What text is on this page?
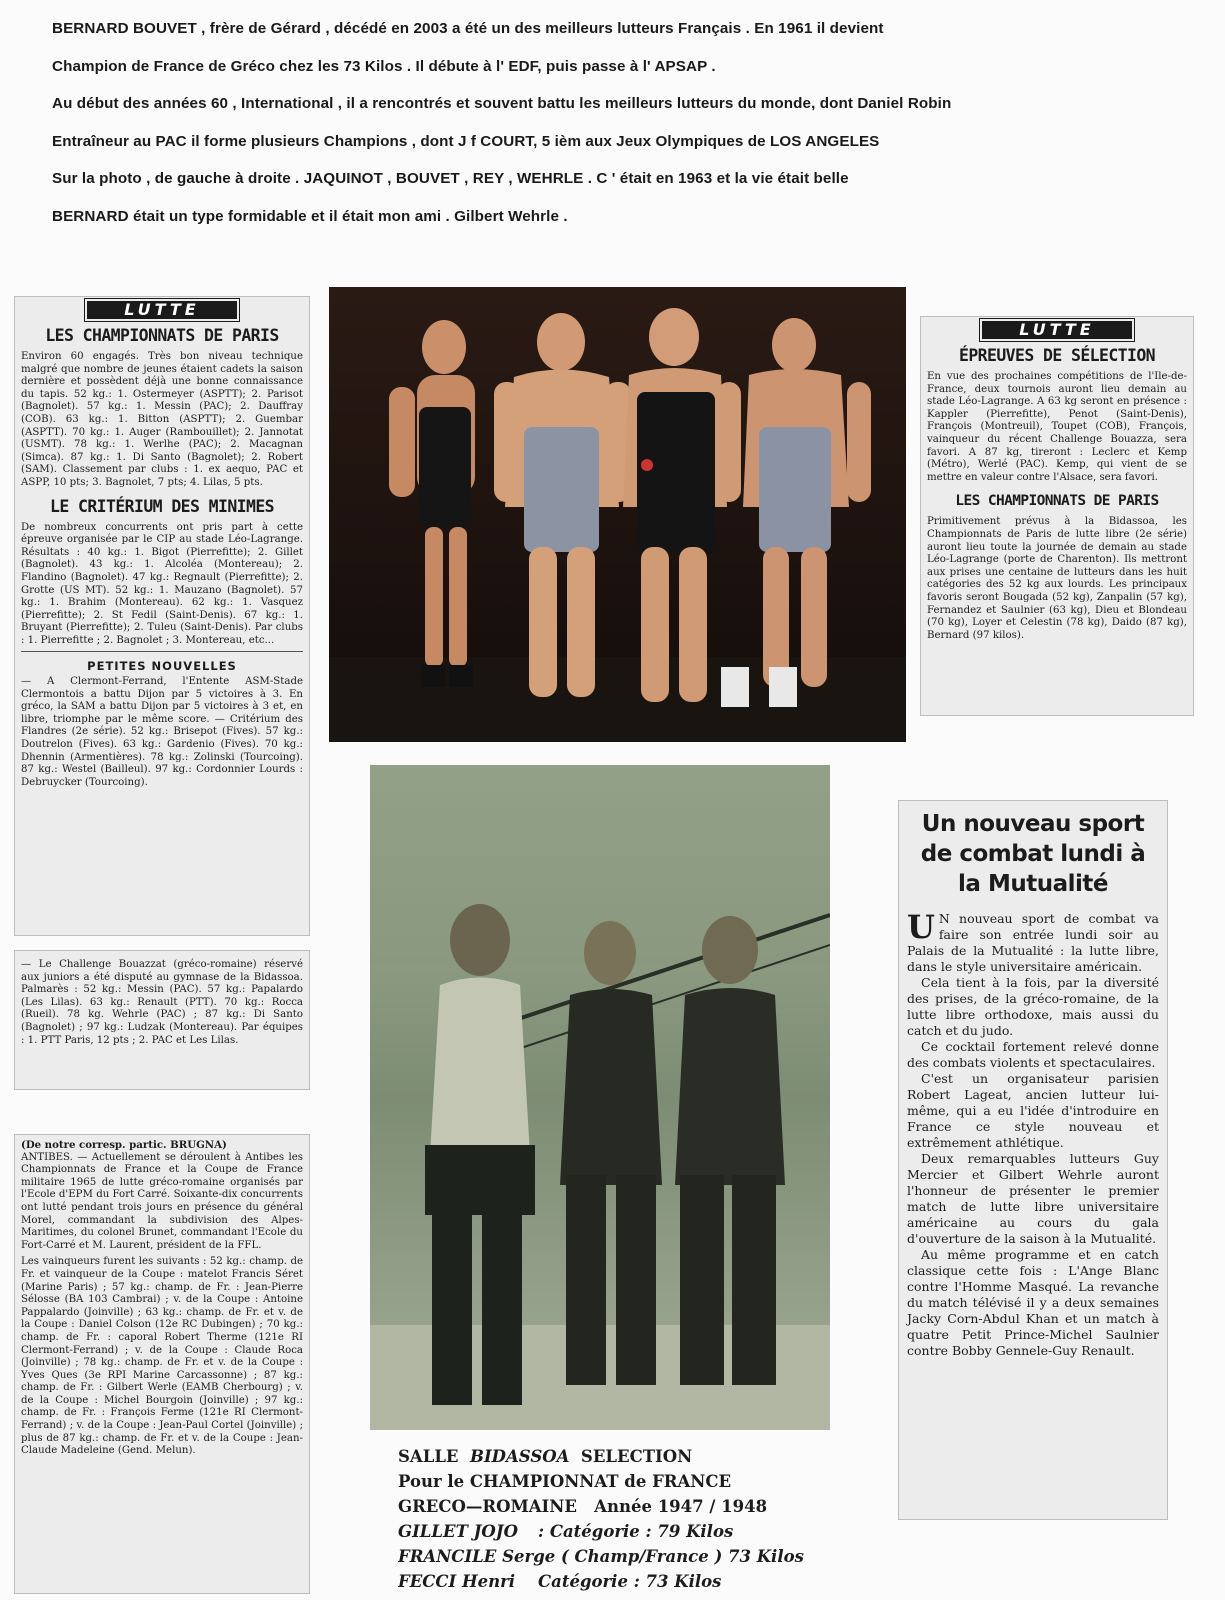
BERNARD BOUVET , frère de Gérard , décédé en 2003 a été un des meilleurs lutteurs Français . En 1961 il devient

Champion de France de Gréco chez les 73 Kilos . Il débute à l' EDF, puis passe à l' APSAP .

Au début des années 60 , International , il a rencontrés et souvent battu les meilleurs lutteurs du monde, dont Daniel Robin

Entraîneur au PAC il forme plusieurs Champions , dont J f COURT, 5 ièm aux Jeux Olympiques de LOS ANGELES

Sur la photo , de gauche à droite . JAQUINOT , BOUVET , REY , WEHRLE . C ' était en 1963 et la vie était belle

BERNARD était un type formidable et il était mon ami . Gilbert Wehrle .

LUTTE
LES CHAMPIONNATS DE PARIS

Environ 60 engagés. Très bon niveau technique malgré que nombre de jeunes étaient cadets la saison dernière et possèdent déjà une bonne connaissance du tapis. 52 kg.: 1. Ostermeyer (ASPTT); 2. Parisot (Bagnolet). 57 kg.: 1. Messin (PAC); 2. Dauffray (COB). 63 kg.: 1. Bitton (ASPTT); 2. Guembar (ASPTT). 70 kg.: 1. Auger (Rambouillet); 2. Jannotat (USMT). 78 kg.: 1. Werlhe (PAC); 2. Macagnan (Simca). 87 kg.: 1. Di Santo (Bagnolet); 2. Robert (SAM). Classement par clubs : 1. ex aequo, PAC et ASPP, 10 pts; 3. Bagnolet, 7 pts; 4. Lilas, 5 pts.

LE CRITÉRIUM DES MINIMES

De nombreux concurrents ont pris part à cette épreuve organisée par le CIP au stade Léo-Lagrange. Résultats : 40 kg.: 1. Bigot (Pierrefitte); 2. Gillet (Bagnolet). 43 kg.: 1. Alcoléa (Montereau); 2. Flandino (Bagnolet). 47 kg.: Regnault (Pierrefitte); 2. Grotte (US MT). 52 kg.: 1. Mauzano (Bagnolet). 57 kg.: 1. Brahim (Montereau). 62 kg.: 1. Vasquez (Pierrefitte); 2. St Fedil (Saint-Denis). 67 kg.: 1. Bruyant (Pierrefitte); 2. Tuleu (Saint-Denis). Par clubs : 1. Pierrefitte ; 2. Bagnolet ; 3. Montereau, etc...

PETITES NOUVELLES

— A Clermont-Ferrand, l'Entente ASM-Stade Clermontois a battu Dijon par 5 victoires à 3. En gréco, la SAM a battu Dijon par 5 victoires à 3 et, en libre, triomphe par le même score. — Critérium des Flandres (2e série). 52 kg.: Brisepot (Fives). 57 kg.: Doutrelon (Fives). 63 kg.: Gardenio (Fives). 70 kg.: Dhennin (Armentières). 78 kg.: Zolinski (Tourcoing). 87 kg.: Westel (Bailleul). 97 kg.: Cordonnier Lourds : Debruycker (Tourcoing).

— Le Challenge Bouazzat (gréco-romaine) réservé aux juniors a été disputé au gymnase de la Bidassoa. Palmarès : 52 kg.: Messin (PAC). 57 kg.: Papalardo (Les Lilas). 63 kg.: Renault (PTT). 70 kg.: Rocca (Rueil). 78 kg. Wehrle (PAC) ; 87 kg.: Di Santo (Bagnolet) ; 97 kg.: Ludzak (Montereau). Par équipes : 1. PTT Paris, 12 pts ; 2. PAC et Les Lilas.

(De notre corresp. partic. BRUGNA)

ANTIBES. — Actuellement se déroulent à Antibes les Championnats de France et la Coupe de France militaire 1965 de lutte gréco-romaine organisés par l'Ecole d'EPM du Fort Carré. Soixante-dix concurrents ont lutté pendant trois jours en présence du général Morel, commandant la subdivision des Alpes-Maritimes, du colonel Brunet, commandant l'Ecole du Fort-Carré et M. Laurent, président de la FFL.

Les vainqueurs furent les suivants : 52 kg.: champ. de Fr. et vainqueur de la Coupe : matelot Francis Séret (Marine Paris) ; 57 kg.: champ. de Fr. : Jean-Pierre Sélosse (BA 103 Cambrai) ; v. de la Coupe : Antoine Pappalardo (Joinville) ; 63 kg.: champ. de Fr. et v. de la Coupe : Daniel Colson (12e RC Dubingen) ; 70 kg.: champ. de Fr. : caporal Robert Therme (121e RI Clermont-Ferrand) ; v. de la Coupe : Claude Roca (Joinville) ; 78 kg.: champ. de Fr. et v. de la Coupe : Yves Ques (3e RPI Marine Carcassonne) ; 87 kg.: champ. de Fr. : Gilbert Werle (EAMB Cherbourg) ; v. de la Coupe : Michel Bourgoin (Joinville) ; 97 kg.: champ. de Fr. : François Ferme (121e RI Clermont-Ferrand) ; v. de la Coupe : Jean-Paul Cortel (Joinville) ; plus de 87 kg.: champ. de Fr. et v. de la Coupe : Jean-Claude Madeleine (Gend. Melun).

LUTTE
ÉPREUVES DE SÉLECTION

En vue des prochaines compétitions de l'Ile-de-France, deux tournois auront lieu demain au stade Léo-Lagrange. A 63 kg seront en présence : Kappler (Pierrefitte), Penot (Saint-Denis), François (Montreuil), Toupet (COB), François, vainqueur du récent Challenge Bouazza, sera favori. A 87 kg, tireront : Leclerc et Kemp (Métro), Werlé (PAC). Kemp, qui vient de se mettre en valeur contre l'Alsace, sera favori.

LES CHAMPIONNATS DE PARIS

Primitivement prévus à la Bidassoa, les Championnats de Paris de lutte libre (2e série) auront lieu toute la journée de demain au stade Léo-Lagrange (porte de Charenton). Ils mettront aux prises une centaine de lutteurs dans les huit catégories des 52 kg aux lourds. Les principaux favoris seront Bougada (52 kg), Zanpalin (57 kg), Fernandez et Saulnier (63 kg), Dieu et Blondeau (70 kg), Loyer et Celestin (78 kg), Daido (87 kg), Bernard (97 kilos).

Un nouveau sport de combat lundi à la Mutualité

U N nouveau sport de combat va faire son entrée lundi soir au Palais de la Mutualité : la lutte libre, dans le style universitaire américain.

Cela tient à la fois, par la diversité des prises, de la gréco-romaine, de la lutte libre orthodoxe, mais aussi du catch et du judo.

Ce cocktail fortement relevé donne des combats violents et spectaculaires.

C'est un organisateur parisien Robert Lageat, ancien lutteur lui-même, qui a eu l'idée d'introduire en France ce style nouveau et extrêmement athlétique.

Deux remarquables lutteurs Guy Mercier et Gilbert Wehrle auront l'honneur de présenter le premier match de lutte libre universitaire américaine au cours du gala d'ouverture de la saison à la Mutualité.

Au même programme et en catch classique cette fois : L'Ange Blanc contre l'Homme Masqué. La revanche du match télévisé il y a deux semaines Jacky Corn-Abdul Khan et un match à quatre Petit Prince-Michel Saulnier contre Bobby Gennele-Guy Renault.

SALLE BIDASSOA SELECTION
Pour le CHAMPIONNAT de FRANCE
GRECO—ROMAINE Année 1947 / 1948
GILLET JOJO	: Catégorie : 79 Kilos
FRANCILE Serge ( Champ/France ) 73 Kilos
FECCI Henri	Catégorie : 73 Kilos
